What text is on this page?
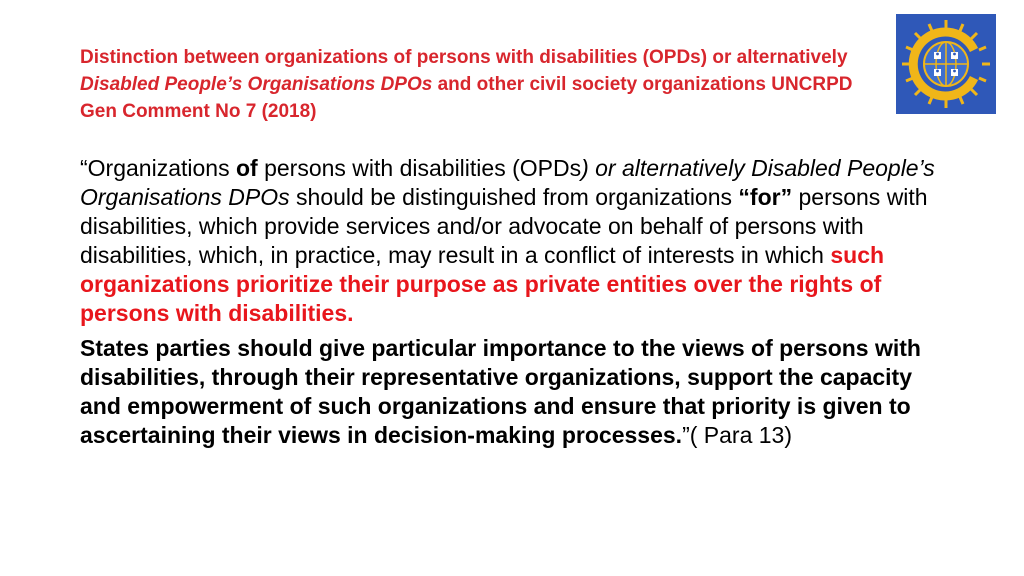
Distinction between organizations of persons with disabilities (OPDs) or alternatively Disabled People’s Organisations DPOs and other civil society organizations UNCRPD Gen Comment No 7 (2018)
“Organizations of persons with disabilities (OPDs) or alternatively Disabled People’s Organisations DPOs should be distinguished from organizations “for” persons with disabilities, which provide services and/or advocate on behalf of persons with disabilities, which, in practice, may result in a conflict of interests in which such organizations prioritize their purpose as private entities over the rights of persons with disabilities.
States parties should give particular importance to the views of persons with disabilities, through their representative organizations, support the capacity and empowerment of such organizations and ensure that priority is given to ascertaining their views in decision-making processes.”( Para 13)
